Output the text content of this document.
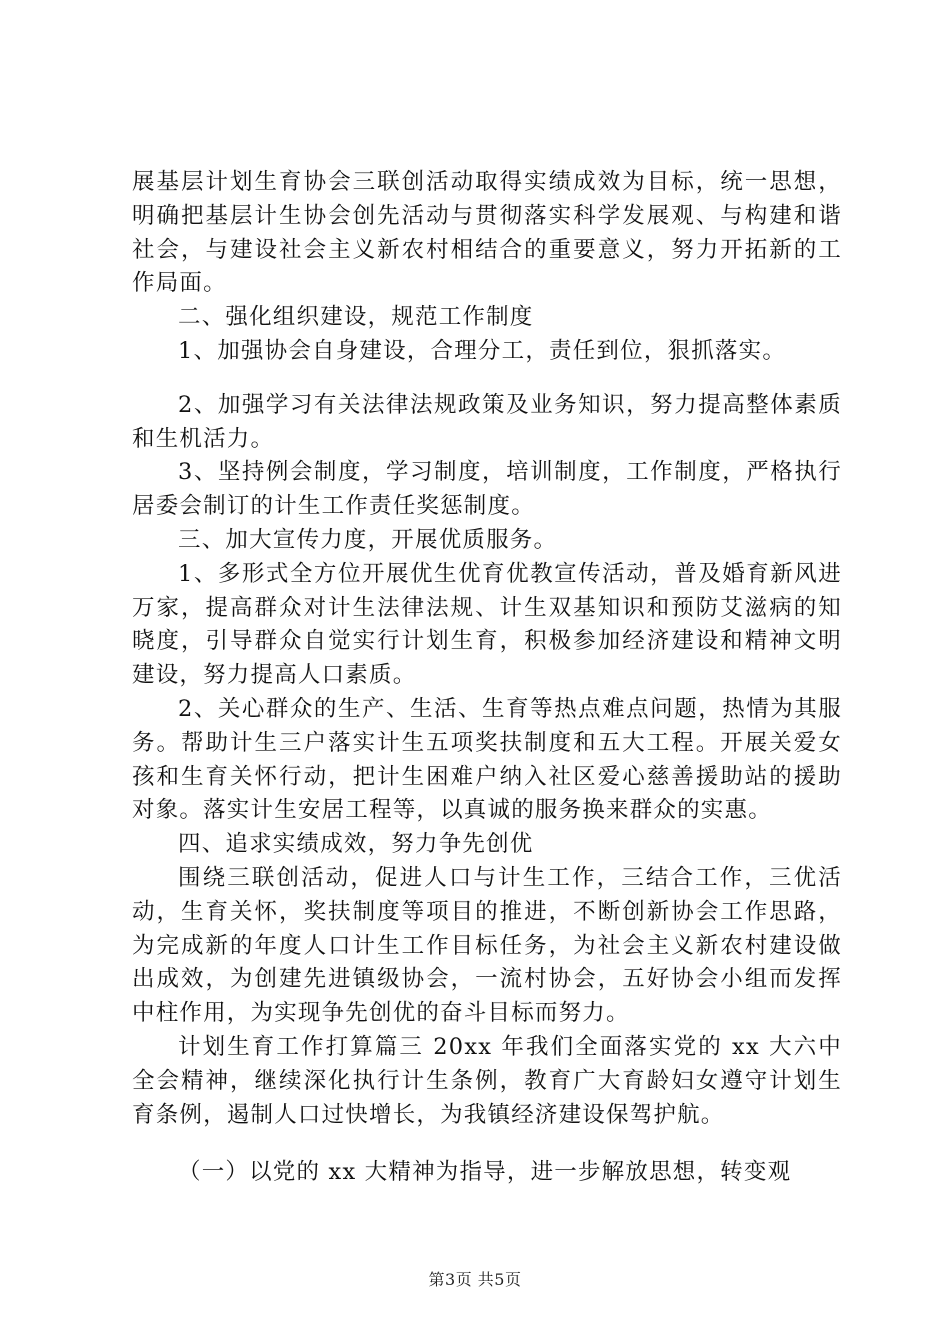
展基层计划生育协会三联创活动取得实绩成效为目标，统一思想，明确把基层计生协会创先活动与贯彻落实科学发展观、与构建和谐社会，与建设社会主义新农村相结合的重要意义，努力开拓新的工作局面。

二、强化组织建设，规范工作制度

1、加强协会自身建设，合理分工，责任到位，狠抓落实。

2、加强学习有关法律法规政策及业务知识，努力提高整体素质和生机活力。

3、坚持例会制度，学习制度，培训制度，工作制度，严格执行居委会制订的计生工作责任奖惩制度。

三、加大宣传力度，开展优质服务。

1、多形式全方位开展优生优育优教宣传活动，普及婚育新风进万家，提高群众对计生法律法规、计生双基知识和预防艾滋病的知晓度，引导群众自觉实行计划生育，积极参加经济建设和精神文明建设，努力提高人口素质。

2、关心群众的生产、生活、生育等热点难点问题，热情为其服务。帮助计生三户落实计生五项奖扶制度和五大工程。开展关爱女孩和生育关怀行动，把计生困难户纳入社区爱心慈善援助站的援助对象。落实计生安居工程等，以真诚的服务换来群众的实惠。

四、追求实绩成效，努力争先创优

围绕三联创活动，促进人口与计生工作，三结合工作，三优活动，生育关怀，奖扶制度等项目的推进，不断创新协会工作思路，为完成新的年度人口计生工作目标任务，为社会主义新农村建设做出成效，为创建先进镇级协会，一流村协会，五好协会小组而发挥中柱作用，为实现争先创优的奋斗目标而努力。

计划生育工作打算篇三 20xx 年我们全面落实党的 xx 大六中全会精神，继续深化执行计生条例，教育广大育龄妇女遵守计划生育条例，遏制人口过快增长，为我镇经济建设保驾护航。

（一）以党的 xx 大精神为指导，进一步解放思想，转变观

第3页 共5页
